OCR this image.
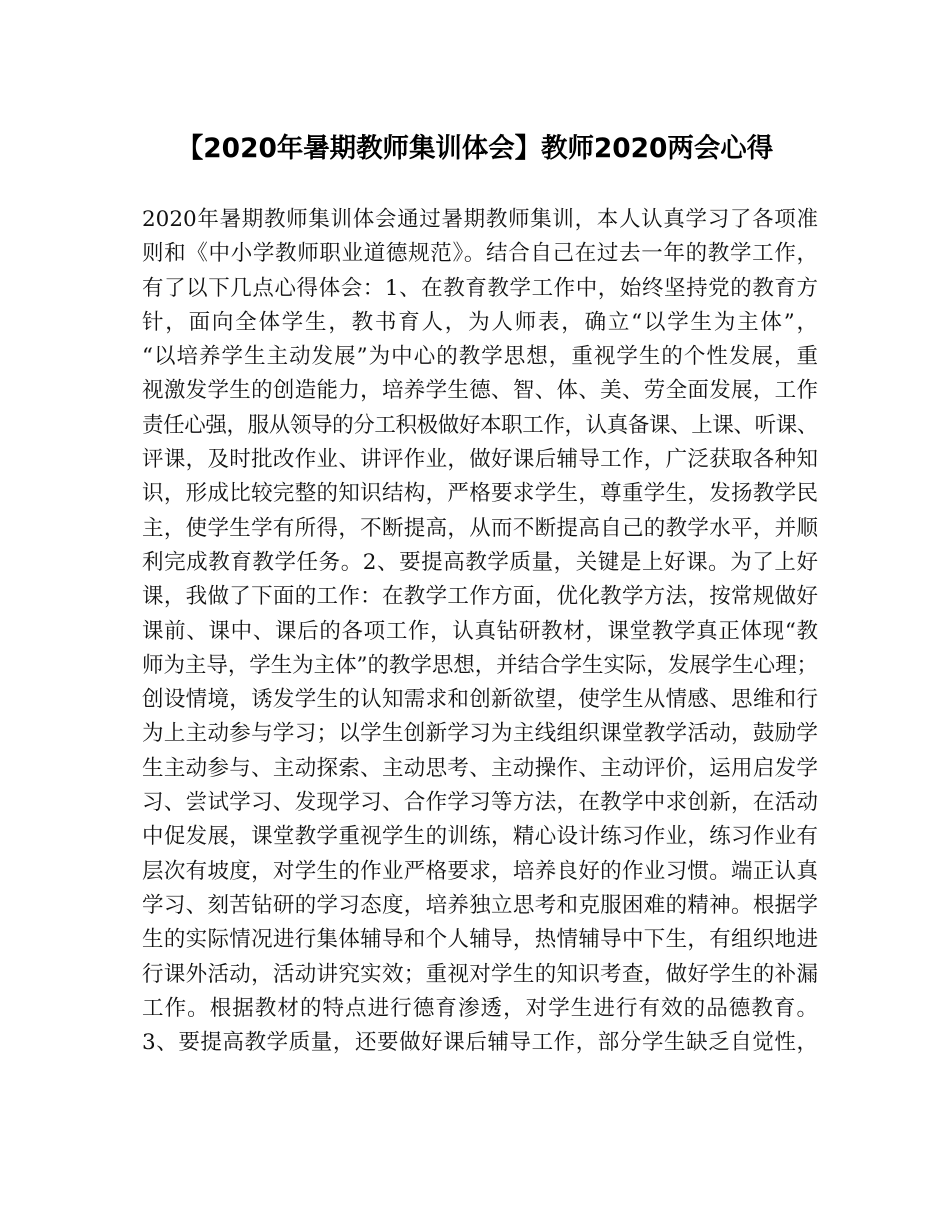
【2020年暑期教师集训体会】教师2020两会心得
2020年暑期教师集训体会通过暑期教师集训，本人认真学习了各项准
则和《中小学教师职业道德规范》。结合自己在过去一年的教学工作，
有了以下几点心得体会：1、在教育教学工作中，始终坚持党的教育方
针，面向全体学生，教书育人，为人师表，确立“以学生为主体”，
“以培养学生主动发展”为中心的教学思想，重视学生的个性发展，重
视激发学生的创造能力，培养学生德、智、体、美、劳全面发展，工作
责任心强，服从领导的分工积极做好本职工作，认真备课、上课、听课、
评课，及时批改作业、讲评作业，做好课后辅导工作，广泛获取各种知
识，形成比较完整的知识结构，严格要求学生，尊重学生，发扬教学民
主，使学生学有所得，不断提高，从而不断提高自己的教学水平，并顺
利完成教育教学任务。2、要提高教学质量，关键是上好课。为了上好
课，我做了下面的工作：在教学工作方面，优化教学方法，按常规做好
课前、课中、课后的各项工作，认真钻研教材，课堂教学真正体现“教
师为主导，学生为主体”的教学思想，并结合学生实际，发展学生心理；
创设情境，诱发学生的认知需求和创新欲望，使学生从情感、思维和行
为上主动参与学习；以学生创新学习为主线组织课堂教学活动，鼓励学
生主动参与、主动探索、主动思考、主动操作、主动评价，运用启发学
习、尝试学习、发现学习、合作学习等方法，在教学中求创新，在活动
中促发展，课堂教学重视学生的训练，精心设计练习作业，练习作业有
层次有坡度，对学生的作业严格要求，培养良好的作业习惯。端正认真
学习、刻苦钻研的学习态度，培养独立思考和克服困难的精神。根据学
生的实际情况进行集体辅导和个人辅导，热情辅导中下生，有组织地进
行课外活动，活动讲究实效；重视对学生的知识考查，做好学生的补漏
工作。根据教材的特点进行德育渗透，对学生进行有效的品德教育。
3、要提高教学质量，还要做好课后辅导工作，部分学生缺乏自觉性，
